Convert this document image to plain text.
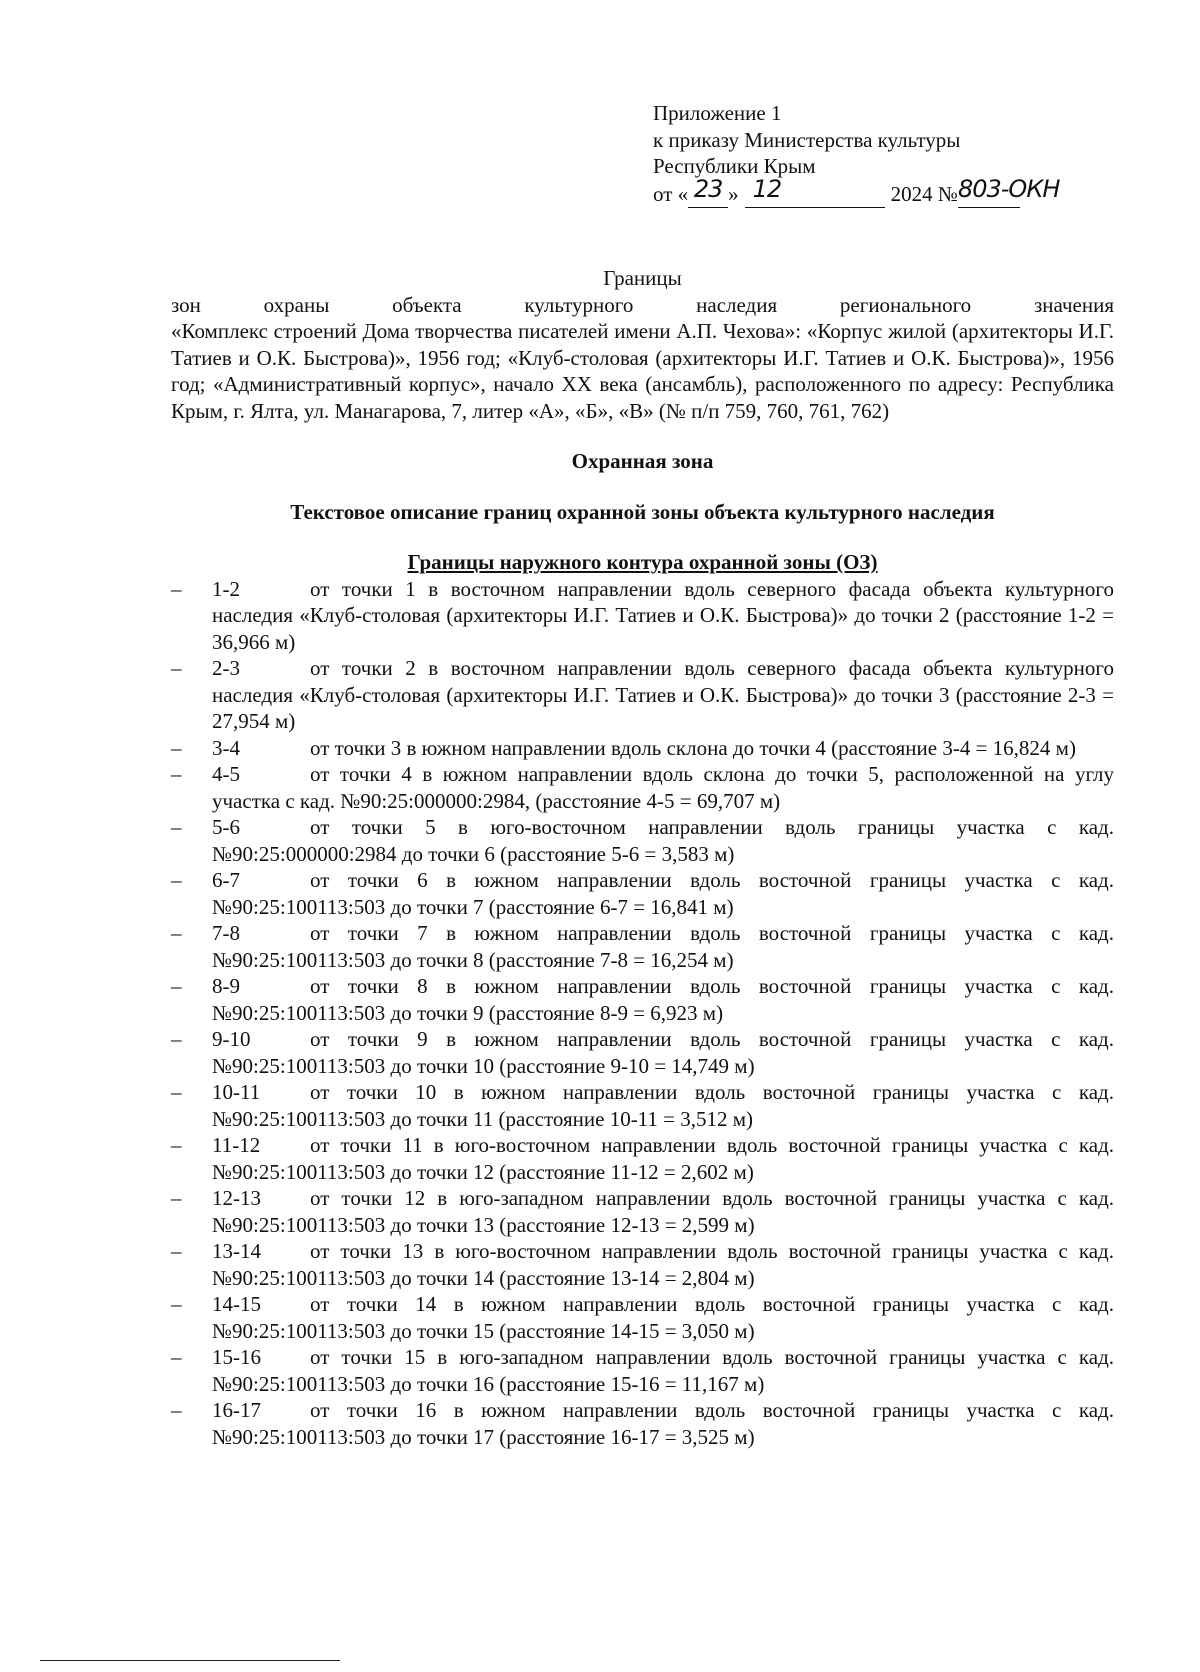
Приложение 1
к приказу Министерства культуры
Республики Крым
от « 23 » 12	2024 №803-ОКН
Границы
зон охраны объекта культурного наследия регионального значения
«Комплекс строений Дома творчества писателей имени А.П. Чехова»: «Корпус жилой (архитекторы И.Г. Татиев и О.К. Быстрова)», 1956 год; «Клуб-столовая (архитекторы И.Г. Татиев и О.К. Быстрова)», 1956 год; «Административный корпус», начало XX века (ансамбль), расположенного по адресу: Республика Крым, г. Ялта, ул. Манагарова, 7, литер «А», «Б», «В» (№ п/п 759, 760, 761, 762)
Охранная зона
Текстовое описание границ охранной зоны объекта культурного наследия
Границы наружного контура охранной зоны (ОЗ)
–	1-2	от точки 1 в восточном направлении вдоль северного фасада объекта культурного наследия «Клуб-столовая (архитекторы И.Г. Татиев и О.К. Быстрова)» до точки 2 (расстояние 1-2 = 36,966 м)
–	2-3	от точки 2 в восточном направлении вдоль северного фасада объекта культурного наследия «Клуб-столовая (архитекторы И.Г. Татиев и О.К. Быстрова)» до точки 3 (расстояние 2-3 = 27,954 м)
–	3-4	от точки 3 в южном направлении вдоль склона до точки 4 (расстояние 3-4 = 16,824 м)
–	4-5	от точки 4 в южном направлении вдоль склона до точки 5, расположенной на углу участка с кад. №90:25:000000:2984, (расстояние 4-5 = 69,707 м)
–	5-6	от точки 5 в юго-восточном направлении вдоль границы участка с кад. №90:25:000000:2984 до точки 6 (расстояние 5-6 = 3,583 м)
–	6-7	от точки 6 в южном направлении вдоль восточной границы участка с кад. №90:25:100113:503 до точки 7 (расстояние 6-7 = 16,841 м)
–	7-8	от точки 7 в южном направлении вдоль восточной границы участка с кад. №90:25:100113:503 до точки 8 (расстояние 7-8 = 16,254 м)
–	8-9	от точки 8 в южном направлении вдоль восточной границы участка с кад. №90:25:100113:503 до точки 9 (расстояние 8-9 = 6,923 м)
–	9-10	от точки 9 в южном направлении вдоль восточной границы участка с кад. №90:25:100113:503 до точки 10 (расстояние 9-10 = 14,749 м)
–	10-11 от точки 10 в южном направлении вдоль восточной границы участка с кад. №90:25:100113:503 до точки 11 (расстояние 10-11 = 3,512 м)
–	11-12 от точки 11 в юго-восточном направлении вдоль восточной границы участка с кад. №90:25:100113:503 до точки 12 (расстояние 11-12 = 2,602 м)
–	12-13 от точки 12 в юго-западном направлении вдоль восточной границы участка с кад. №90:25:100113:503 до точки 13 (расстояние 12-13 = 2,599 м)
–	13-14 от точки 13 в юго-восточном направлении вдоль восточной границы участка с кад. №90:25:100113:503 до точки 14 (расстояние 13-14 = 2,804 м)
–	14-15 от точки 14 в южном направлении вдоль восточной границы участка с кад. №90:25:100113:503 до точки 15 (расстояние 14-15 = 3,050 м)
–	15-16 от точки 15 в юго-западном направлении вдоль восточной границы участка с кад. №90:25:100113:503 до точки 16 (расстояние 15-16 = 11,167 м)
–	16-17 от точки 16 в южном направлении вдоль восточной границы участка с кад. №90:25:100113:503 до точки 17 (расстояние 16-17 = 3,525 м)
